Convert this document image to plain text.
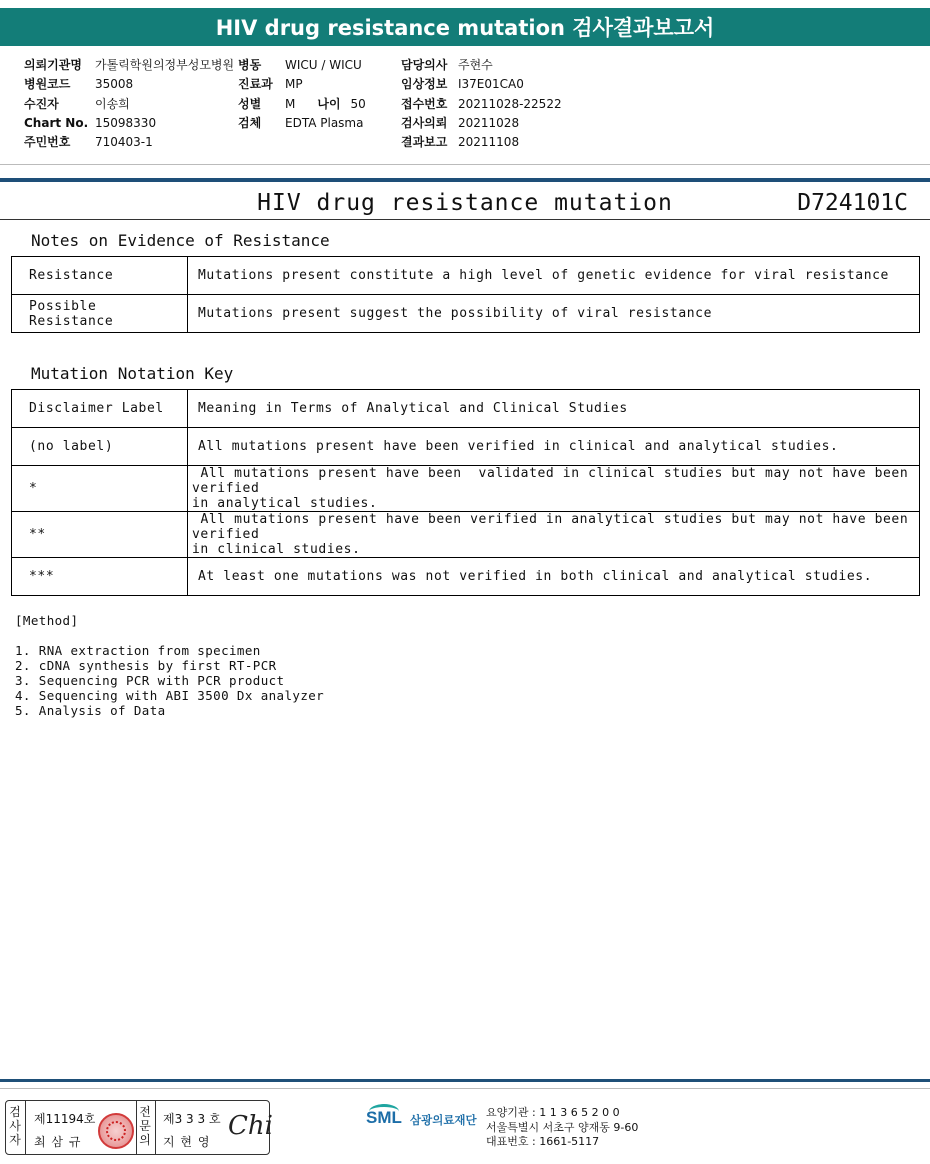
HIV drug resistance mutation 검사결과보고서
의뢰기관명 가톨릭학원의정부성모병원
병원코드 35008
수진자	이송희
Chart No. 15098330
주민번호 710403-1
병동 WICU / WICU
진료과 MP
성별 M 나이 50
검체 EDTA Plasma
담당의사 주현수
임상정보 I37E01CA0
접수번호 20211028-22522
검사의뢰 20211028
결과보고 20211108
HIV drug resistance mutation	D724101C
Notes on Evidence of Resistance
Resistance	Mutations present constitute a high level of genetic evidence for viral resistance
Possible Resistance	Mutations present suggest the possibility of viral resistance
Mutation Notation Key
Disclaimer Label	Meaning in Terms of Analytical and Clinical Studies
(no label)	All mutations present have been verified in clinical and analytical studies.
*	All mutations present have been  validated in clinical studies but may not have been verified
in analytical studies.
**	All mutations present have been verified in analytical studies but may not have been verified
in clinical studies.
***	At least one mutations was not verified in both clinical and analytical studies.
[Method]
1. RNA extraction from specimen
2. cDNA synthesis by first RT-PCR
3. Sequencing PCR with PCR product
4. Sequencing with ABI 3500 Dx analyzer
5. Analysis of Data
검
사
자
제11194호
최 삼 규
전
문
의
제3 3 3 호
지 현 영
Chi	SML 삼광의료재단
요양기관 : 1 1 3 6 5 2 0 0
서울특별시 서초구 양재동 9-60
대표번호 : 1661-5117
